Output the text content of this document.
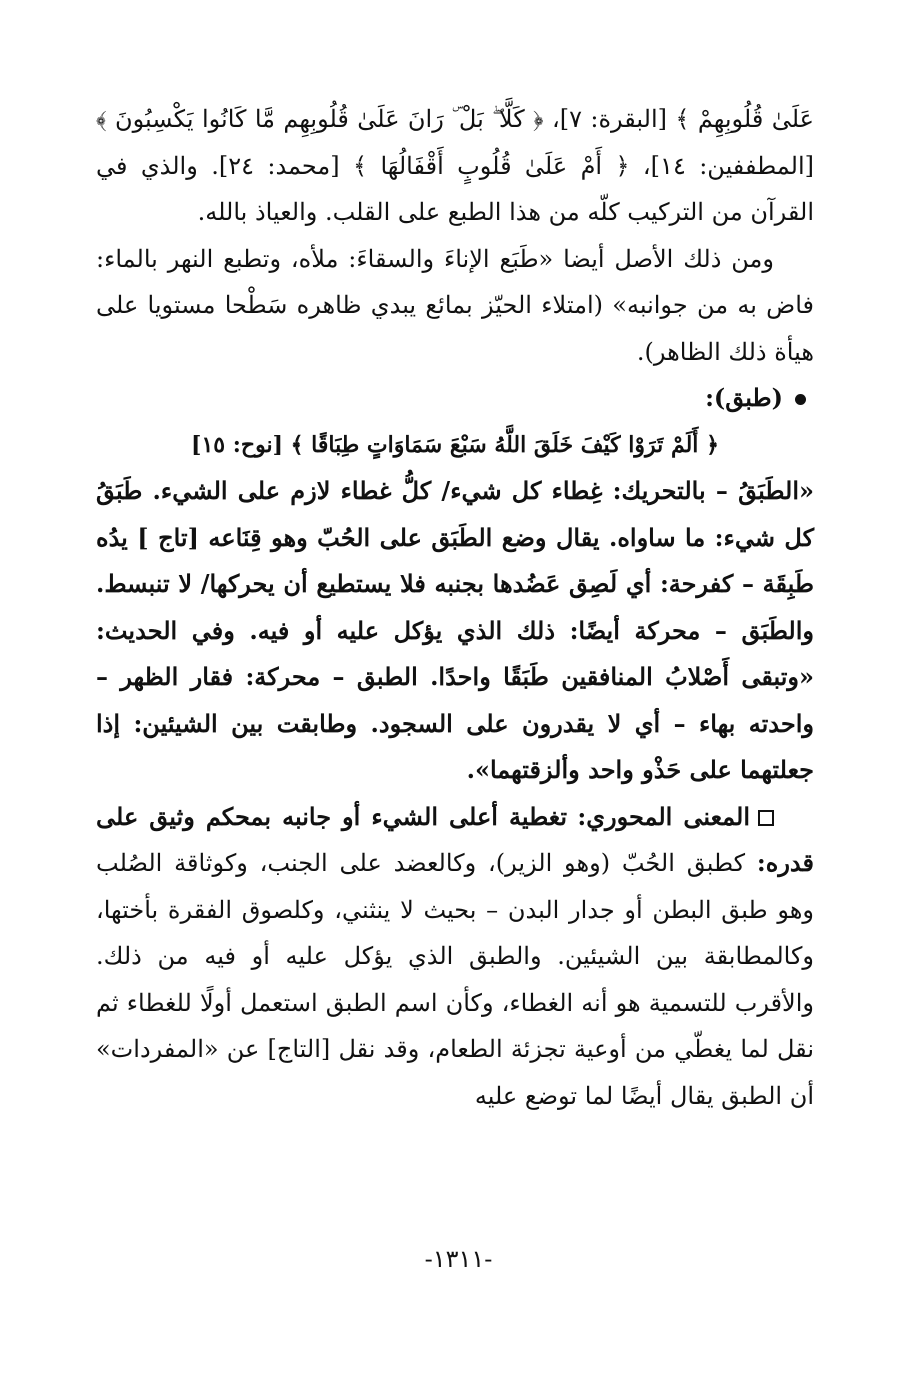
عَلَىٰ قُلُوبِهِمْ ﴾ [البقرة: ٧]، ﴿ كَلَّا ۖ بَلْ ۜ رَانَ عَلَىٰ قُلُوبِهِم مَّا كَانُوا يَكْسِبُونَ ﴾ [المطففين: ١٤]، ﴿ أَمْ عَلَىٰ قُلُوبٍ أَقْفَالُهَا ﴾ [محمد: ٢٤]. والذي في القرآن من التركيب كلّه من هذا الطبع على القلب. والعياذ بالله.

ومن ذلك الأصل أيضا «طَبَع الإناءَ والسقاءَ: ملأه، وتطبع النهر بالماء: فاض به من جوانبه» (امتلاء الحيّز بمائع يبدي ظاهره سَطْحا مستويا على هيأة ذلك الظاهر).

(طبق):

﴿ أَلَمْ تَرَوْا كَيْفَ خَلَقَ اللَّهُ سَبْعَ سَمَاوَاتٍ طِبَاقًا ﴾ [نوح: ١٥]

«الطَبَقُ – بالتحريك: غِطاء كل شيء/ كلُّ غطاء لازم على الشيء. طَبَقُ كل شيء: ما ساواه. يقال وضع الطَبَق على الحُبّ وهو قِنَاعه [تاج ] يدُه طَبِقَة – كفرحة: أي لَصِق عَضُدها بجنبه فلا يستطيع أن يحركها/ لا تنبسط. والطَبَق – محركة أيضًا: ذلك الذي يؤكل عليه أو فيه. وفي الحديث: «وتبقى أَصْلابُ المنافقين طَبَقًا واحدًا. الطبق – محركة: فقار الظهر – واحدته بهاء – أي لا يقدرون على السجود. وطابقت بين الشيئين: إذا جعلتهما على حَذْو واحد وألزقتهما».

المعنى المحوري: تغطية أعلى الشيء أو جانبه بمحكم وثيق على قدره: كطبق الحُبّ (وهو الزير)، وكالعضد على الجنب، وكوثاقة الصُلب وهو طبق البطن أو جدار البدن – بحيث لا ينثني، وكلصوق الفقرة بأختها، وكالمطابقة بين الشيئين. والطبق الذي يؤكل عليه أو فيه من ذلك. والأقرب للتسمية هو أنه الغطاء، وكأن اسم الطبق استعمل أولًا للغطاء ثم نقل لما يغطّي من أوعية تجزئة الطعام، وقد نقل [التاج] عن «المفردات» أن الطبق يقال أيضًا لما توضع عليه

-١٣١١-
